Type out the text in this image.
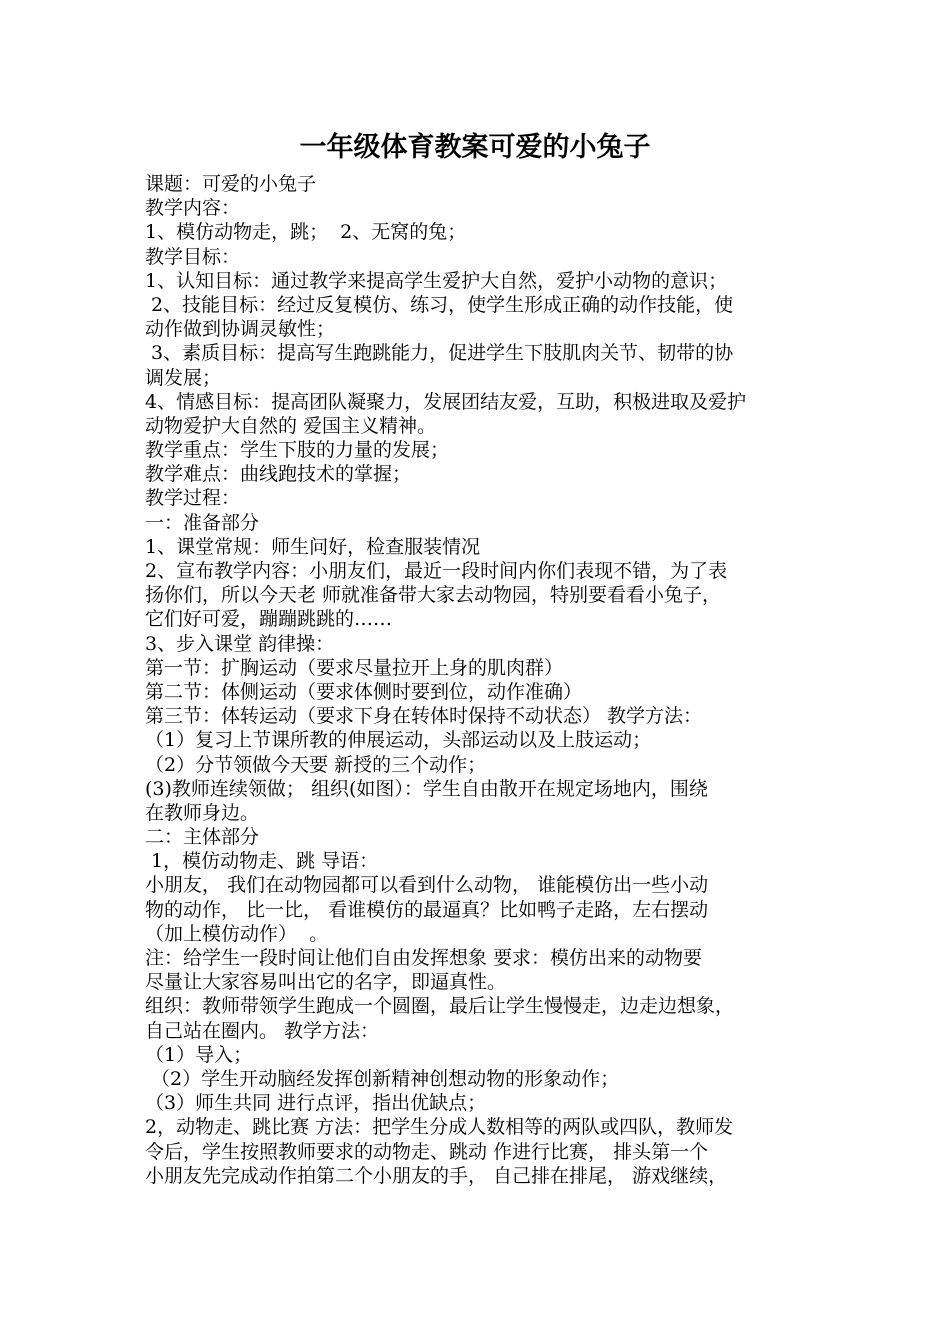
一年级体育教案可爱的小兔子
课题：可爱的小兔子
教学内容：
1、模仿动物走，跳；  2、无窝的兔；
教学目标：
1、认知目标：通过教学来提高学生爱护大自然，爱护小动物的意识；
2、技能目标：经过反复模仿、练习，使学生形成正确的动作技能，使
动作做到协调灵敏性；
3、素质目标：提高写生跑跳能力，促进学生下肢肌肉关节、韧带的协
调发展；
4、情感目标：提高团队凝聚力，发展团结友爱，互助，积极进取及爱护
动物爱护大自然的 爱国主义精神。
教学重点：学生下肢的力量的发展；
教学难点：曲线跑技术的掌握；
教学过程：
一：准备部分
1、课堂常规：师生问好，检查服装情况
2、宣布教学内容：小朋友们，最近一段时间内你们表现不错，为了表
扬你们，所以今天老 师就准备带大家去动物园，特别要看看小兔子，
它们好可爱，蹦蹦跳跳的……
3、步入课堂 韵律操：
第一节：扩胸运动（要求尽量拉开上身的肌肉群）
第二节：体侧运动（要求体侧时要到位，动作准确）
第三节：体转运动（要求下身在转体时保持不动状态） 教学方法：
（1）复习上节课所教的伸展运动，头部运动以及上肢运动；
（2）分节领做今天要 新授的三个动作；
(3)教师连续领做； 组织(如图）：学生自由散开在规定场地内，围绕
在教师身边。
二：主体部分
1，模仿动物走、跳 导语：
小朋友， 我们在动物园都可以看到什么动物， 谁能模仿出一些小动
物的动作， 比一比， 看谁模仿的最逼真？比如鸭子走路，左右摆动
（加上模仿动作）  。
注：给学生一段时间让他们自由发挥想象 要求：模仿出来的动物要
尽量让大家容易叫出它的名字，即逼真性。
组织：教师带领学生跑成一个圆圈，最后让学生慢慢走，边走边想象，
自己站在圈内。 教学方法：
（1）导入；
（2）学生开动脑经发挥创新精神创想动物的形象动作；
（3）师生共同 进行点评，指出优缺点；
2，动物走、跳比赛 方法：把学生分成人数相等的两队或四队，教师发
令后，学生按照教师要求的动物走、跳动 作进行比赛， 排头第一个
小朋友先完成动作拍第二个小朋友的手， 自己排在排尾， 游戏继续，
